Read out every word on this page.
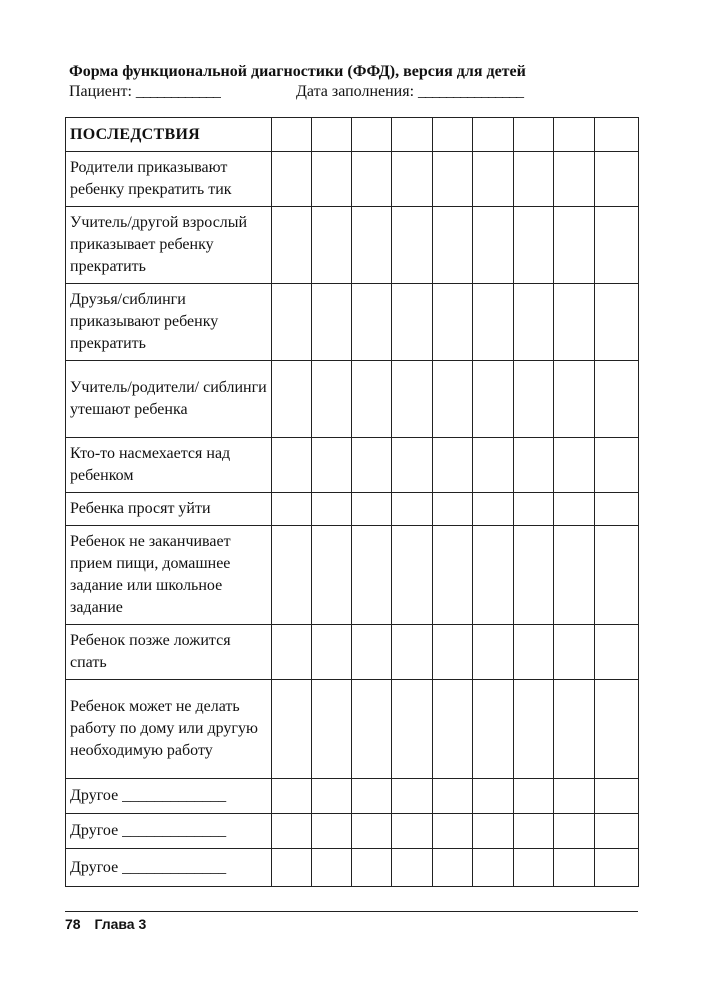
Форма функциональной диагностики (ФФД), версия для детей
Пациент: ____________	Дата заполнения: _______________
ПОСЛЕДСТВИЯ									
Родители приказывают ребенку прекратить тик									
Учитель/другой взрослый приказывает ребенку прекратить									
Друзья/сиблинги приказывают ребенку прекратить									
Учитель/родители/ сиблинги утешают ребенка									
Кто-то насмехается над ребенком									
Ребенка просят уйти									
Ребенок не заканчивает прием пищи, домашнее задание или школьное задание									
Ребенок позже ложится спать									
Ребенок может не делать работу по дому или другую необходимую работу									
Другое _____________									
Другое _____________									
Другое _____________									
78 Глава 3
